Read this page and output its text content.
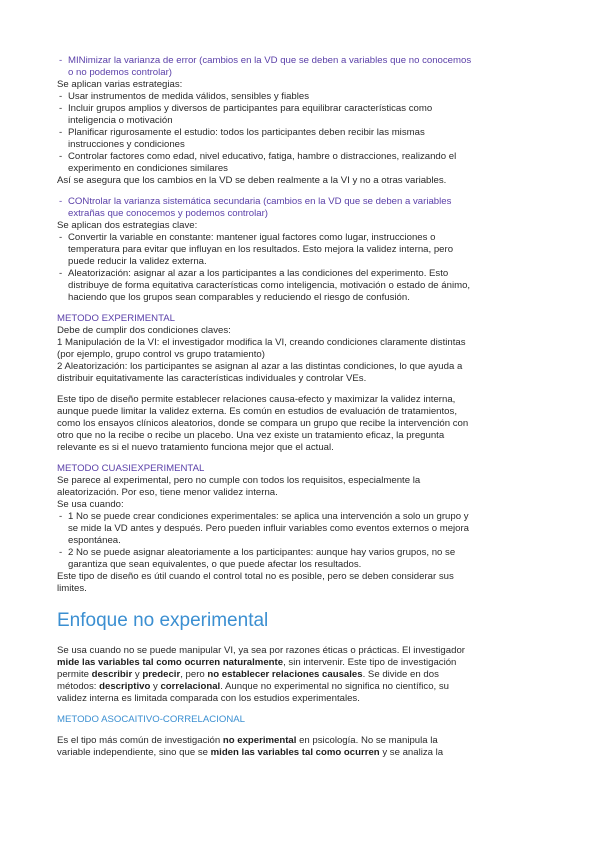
- MINimizar la varianza de error (cambios en la VD que se deben a variables que no conocemos
o no podemos controlar)
Se aplican varias estrategias:
- Usar instrumentos de medida válidos, sensibles y fiables
- Incluir grupos amplios y diversos de participantes para equilibrar características como
inteligencia o motivación
- Planificar rigurosamente el estudio: todos los participantes deben recibir las mismas
instrucciones y condiciones
- Controlar factores como edad, nivel educativo, fatiga, hambre o distracciones, realizando el
experimento en condiciones similares
Así se asegura que los cambios en la VD se deben realmente a la VI y no a otras variables.
- CONtrolar la varianza sistemática secundaria (cambios en la VD que se deben a variables
extrañas que conocemos y podemos controlar)
Se aplican dos estrategias clave:
- Convertir la variable en constante: mantener igual factores como lugar, instrucciones o
temperatura para evitar que influyan en los resultados. Esto mejora la validez interna, pero
puede reducir la validez externa.
- Aleatorización: asignar al azar a los participantes a las condiciones del experimento. Esto
distribuye de forma equitativa características como inteligencia, motivación o estado de ánimo,
haciendo que los grupos sean comparables y reduciendo el riesgo de confusión.
METODO EXPERIMENTAL
Debe de cumplir dos condiciones claves:
1 Manipulación de la VI: el investigador modifica la VI, creando condiciones claramente distintas
(por ejemplo, grupo control vs grupo tratamiento)
2 Aleatorización: los participantes se asignan al azar a las distintas condiciones, lo que ayuda a
distribuir equitativamente las características individuales y controlar VEs.
Este tipo de diseño permite establecer relaciones causa-efecto y maximizar la validez interna,
aunque puede limitar la validez externa. Es común en estudios de evaluación de tratamientos,
como los ensayos clínicos aleatorios, donde se compara un grupo que recibe la intervención con
otro que no la recibe o recibe un placebo. Una vez existe un tratamiento eficaz, la pregunta
relevante es si el nuevo tratamiento funciona mejor que el actual.
METODO CUASIEXPERIMENTAL
Se parece al experimental, pero no cumple con todos los requisitos, especialmente la
aleatorización. Por eso, tiene menor validez interna.
Se usa cuando:
- 1 No se puede crear condiciones experimentales: se aplica una intervención a solo un grupo y
se mide la VD antes y después. Pero pueden influir variables como eventos externos o mejora
espontánea.
- 2 No se puede asignar aleatoriamente a los participantes: aunque hay varios grupos, no se
garantiza que sean equivalentes, o que puede afectar los resultados.
Este tipo de diseño es útil cuando el control total no es posible, pero se deben considerar sus
limites.
Enfoque no experimental
Se usa cuando no se puede manipular VI, ya sea por razones éticas o prácticas. El investigador
mide las variables tal como ocurren naturalmente, sin intervenir. Este tipo de investigación
permite describir y predecir, pero no establecer relaciones causales. Se divide en dos
métodos: descriptivo y correlacional. Aunque no experimental no significa no científico, su
validez interna es limitada comparada con los estudios experimentales.
METODO ASOCAITIVO-CORRELACIONAL
Es el tipo más común de investigación no experimental en psicología. No se manipula la
variable independiente, sino que se miden las variables tal como ocurren y se analiza la
